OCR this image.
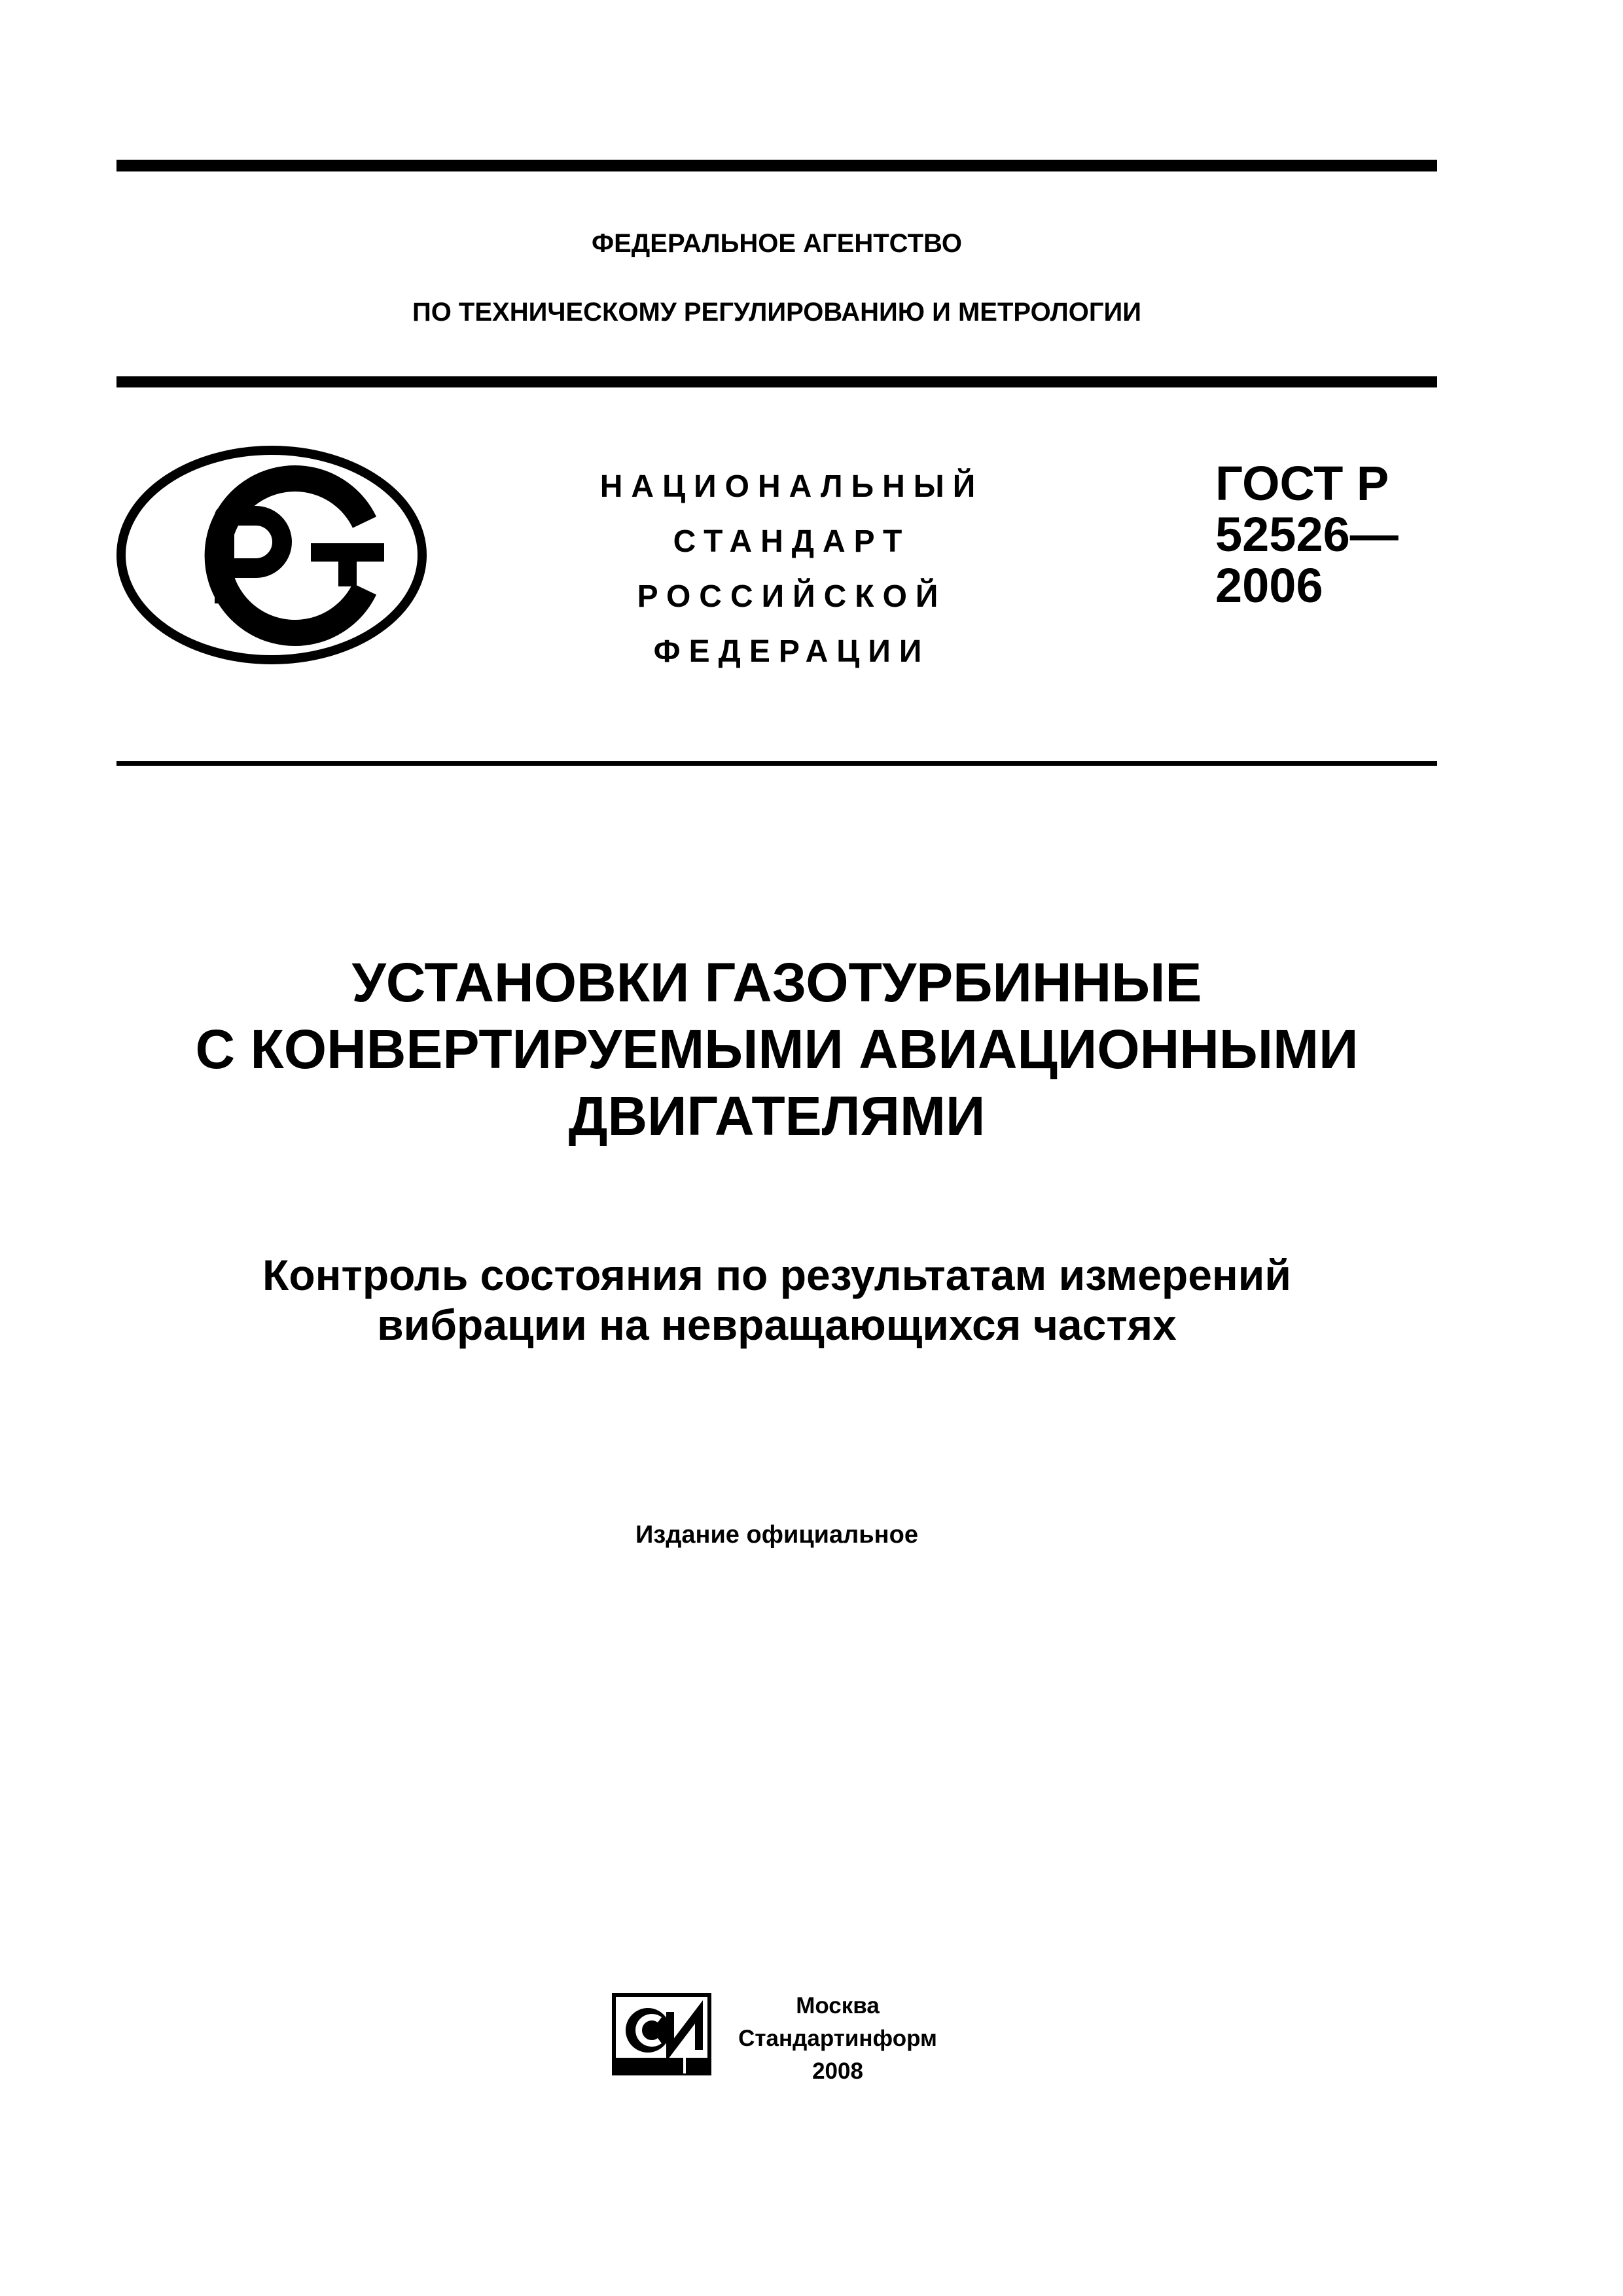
ФЕДЕРАЛЬНОЕ АГЕНТСТВО
ПО ТЕХНИЧЕСКОМУ РЕГУЛИРОВАНИЮ И МЕТРОЛОГИИ
НАЦИОНАЛЬНЫЙ
СТАНДАРТ
РОССИЙСКОЙ
ФЕДЕРАЦИИ
ГОСТ Р
52526—
2006
УСТАНОВКИ ГАЗОТУРБИННЫЕ
С КОНВЕРТИРУЕМЫМИ АВИАЦИОННЫМИ
ДВИГАТЕЛЯМИ
Контроль состояния по результатам измерений
вибрации на невращающихся частях
Издание официальное
Москва
Стандартинформ
2008
